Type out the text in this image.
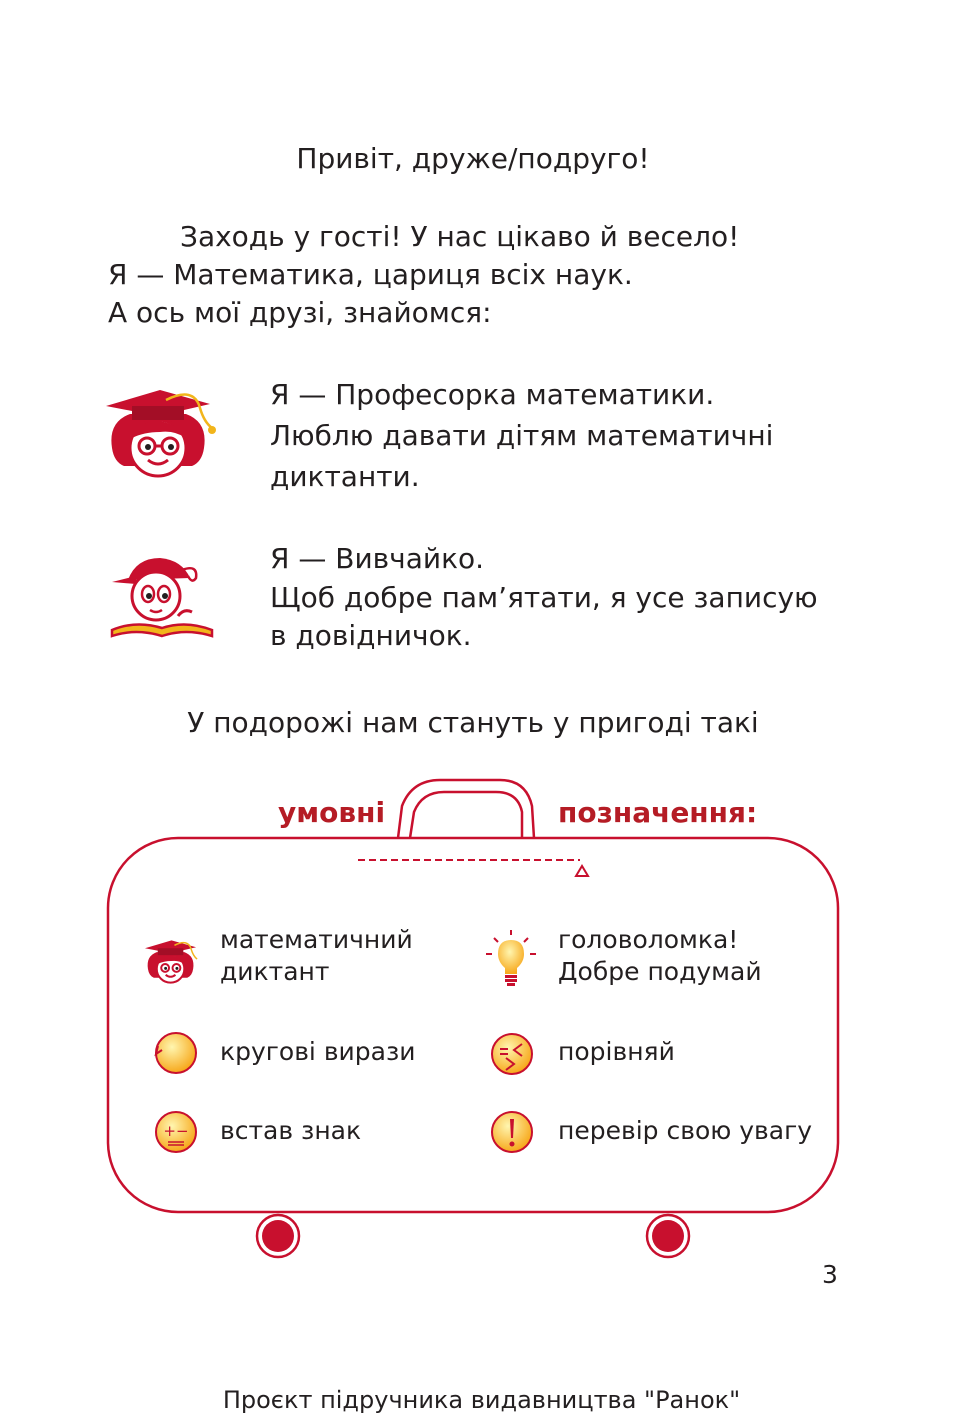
Привіт, друже/подруго!
Заходь у гості! У нас цікаво й весело!
Я — Математика, цариця всіх наук.
А ось мої друзі, знайомся:
Я — Професорка математики.
Люблю давати дітям математичні
диктанти.
Я — Вивчайко.
Щоб добре пам’ятати, я усе записую
в довідничок.
У подорожі нам стануть у пригоді такі
умовні	позначення:
математичний
диктант
кругові вирази
+− встав знак
головоломка!
Добре подумай
порівняй
перевір свою увагу
3
Проєкт підручника видавництва "Ранок"
